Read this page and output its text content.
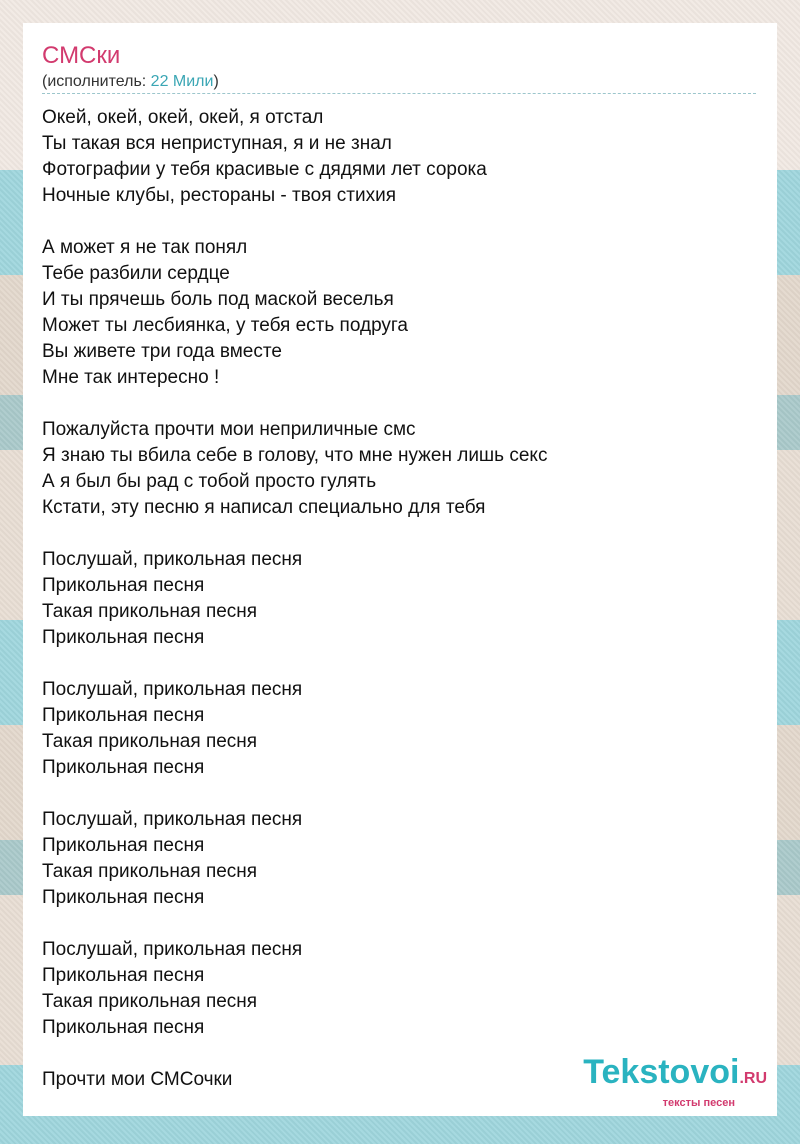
СМСки
(исполнитель: 22 Мили)
Окей, окей, окей, окей, я отстал
Ты такая вся неприступная, я и не знал
Фотографии у тебя красивые с дядями лет сорока
Ночные клубы, рестораны - твоя стихия
А может я не так понял
Тебе разбили сердце
И ты прячешь боль под маской веселья
Может ты лесбиянка, у тебя есть подруга
Вы живете три года вместе
Мне так интересно !
Пожалуйста прочти мои неприличные смс
Я знаю ты вбила себе в голову, что мне нужен лишь секс
А я был бы рад с тобой просто гулять
Кстати, эту песню я написал специально для тебя
Послушай, прикольная песня
Прикольная песня
Такая прикольная песня
Прикольная песня
Послушай, прикольная песня
Прикольная песня
Такая прикольная песня
Прикольная песня
Послушай, прикольная песня
Прикольная песня
Такая прикольная песня
Прикольная песня
Послушай, прикольная песня
Прикольная песня
Такая прикольная песня
Прикольная песня
Прочти мои СМСочки	Tekstovoi.RU
тексты песен
